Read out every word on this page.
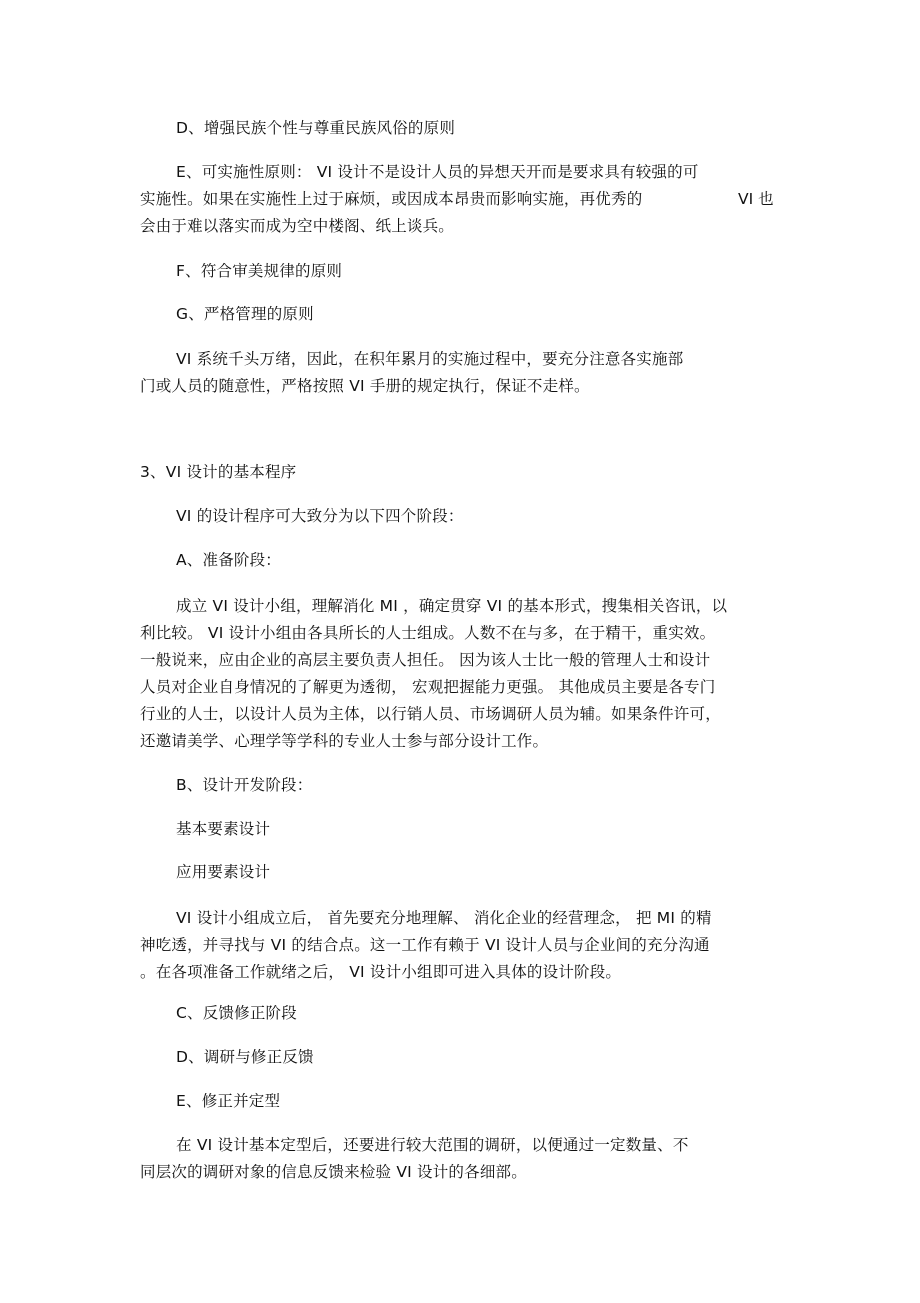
D、增强民族个性与尊重民族风俗的原则
E、可实施性原则： VI 设计不是设计人员的异想天开而是要求具有较强的可
实施性。如果在实施性上过于麻烦，或因成本昂贵而影响实施，再优秀的	VI 也
会由于难以落实而成为空中楼阁、纸上谈兵。
F、符合审美规律的原则
G、严格管理的原则
VI 系统千头万绪，因此，在积年累月的实施过程中，要充分注意各实施部
门或人员的随意性，严格按照 VI 手册的规定执行，保证不走样。
3、VI 设计的基本程序
VI 的设计程序可大致分为以下四个阶段：
A、准备阶段：
成立 VI 设计小组，理解消化 MI ，确定贯穿 VI 的基本形式，搜集相关咨讯，以
利比较。 VI 设计小组由各具所长的人士组成。人数不在与多，在于精干，重实效。
一般说来，应由企业的高层主要负责人担任。 因为该人士比一般的管理人士和设计
人员对企业自身情况的了解更为透彻， 宏观把握能力更强。 其他成员主要是各专门
行业的人士，以设计人员为主体，以行销人员、市场调研人员为辅。如果条件许可，
还邀请美学、心理学等学科的专业人士参与部分设计工作。
B、设计开发阶段：
基本要素设计
应用要素设计
VI 设计小组成立后， 首先要充分地理解、 消化企业的经营理念， 把 MI 的精
神吃透，并寻找与 VI 的结合点。这一工作有赖于 VI 设计人员与企业间的充分沟通
。在各项准备工作就绪之后， VI 设计小组即可进入具体的设计阶段。
C、反馈修正阶段
D、调研与修正反馈
E、修正并定型
在 VI 设计基本定型后，还要进行较大范围的调研，以便通过一定数量、不
同层次的调研对象的信息反馈来检验 VI 设计的各细部。
